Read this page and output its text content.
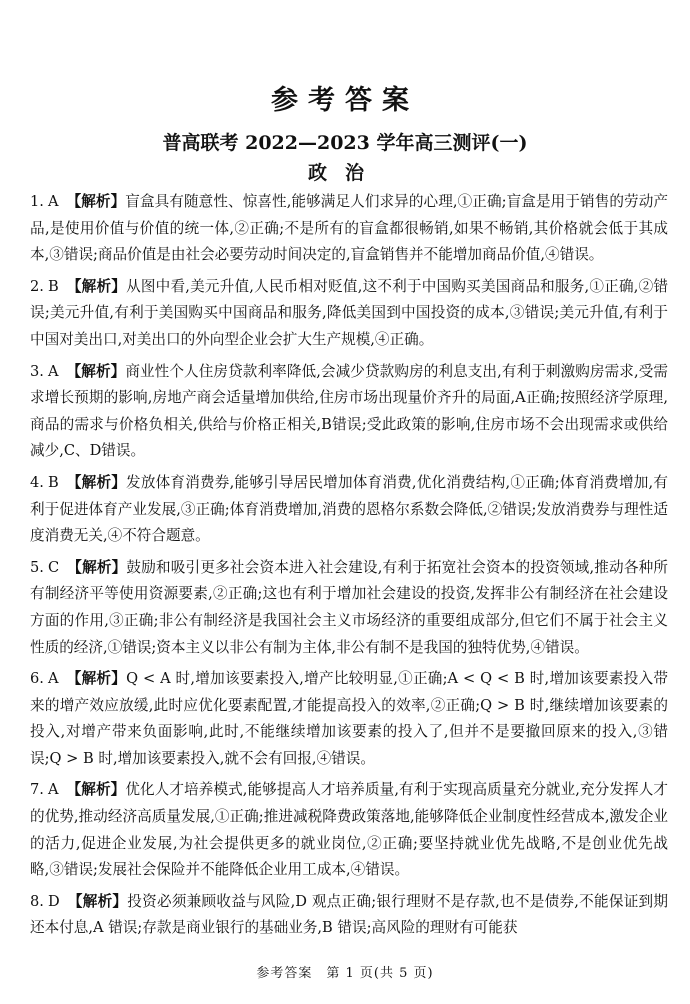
参考答案
普高联考 2022—2023 学年高三测评(一)
政治
1. A 【解析】盲盒具有随意性、惊喜性,能够满足人们求异的心理,①正确;盲盒是用于销售的劳动产品,是使用价值与价值的统一体,②正确;不是所有的盲盒都很畅销,如果不畅销,其价格就会低于其成本,③错误;商品价值是由社会必要劳动时间决定的,盲盒销售并不能增加商品价值,④错误。
2. B 【解析】从图中看,美元升值,人民币相对贬值,这不利于中国购买美国商品和服务,①正确,②错误;美元升值,有利于美国购买中国商品和服务,降低美国到中国投资的成本,③错误;美元升值,有利于中国对美出口,对美出口的外向型企业会扩大生产规模,④正确。
3. A 【解析】商业性个人住房贷款利率降低,会减少贷款购房的利息支出,有利于刺激购房需求,受需求增长预期的影响,房地产商会适量增加供给,住房市场出现量价齐升的局面,A正确;按照经济学原理,商品的需求与价格负相关,供给与价格正相关,B错误;受此政策的影响,住房市场不会出现需求或供给减少,C、D错误。
4. B 【解析】发放体育消费券,能够引导居民增加体育消费,优化消费结构,①正确;体育消费增加,有利于促进体育产业发展,③正确;体育消费增加,消费的恩格尔系数会降低,②错误;发放消费券与理性适度消费无关,④不符合题意。
5. C 【解析】鼓励和吸引更多社会资本进入社会建设,有利于拓宽社会资本的投资领域,推动各种所有制经济平等使用资源要素,②正确;这也有利于增加社会建设的投资,发挥非公有制经济在社会建设方面的作用,③正确;非公有制经济是我国社会主义市场经济的重要组成部分,但它们不属于社会主义性质的经济,①错误;资本主义以非公有制为主体,非公有制不是我国的独特优势,④错误。
6. A 【解析】Q < A 时,增加该要素投入,增产比较明显,①正确;A < Q < B 时,增加该要素投入带来的增产效应放缓,此时应优化要素配置,才能提高投入的效率,②正确;Q > B 时,继续增加该要素的投入,对增产带来负面影响,此时,不能继续增加该要素的投入了,但并不是要撤回原来的投入,③错误;Q > B 时,增加该要素投入,就不会有回报,④错误。
7. A 【解析】优化人才培养模式,能够提高人才培养质量,有利于实现高质量充分就业,充分发挥人才的优势,推动经济高质量发展,①正确;推进减税降费政策落地,能够降低企业制度性经营成本,激发企业的活力,促进企业发展,为社会提供更多的就业岗位,②正确;要坚持就业优先战略,不是创业优先战略,③错误;发展社会保险并不能降低企业用工成本,④错误。
8. D 【解析】投资必须兼顾收益与风险,D 观点正确;银行理财不是存款,也不是债券,不能保证到期还本付息,A 错误;存款是商业银行的基础业务,B 错误;高风险的理财有可能获
参考答案　第 1 页(共 5 页)
